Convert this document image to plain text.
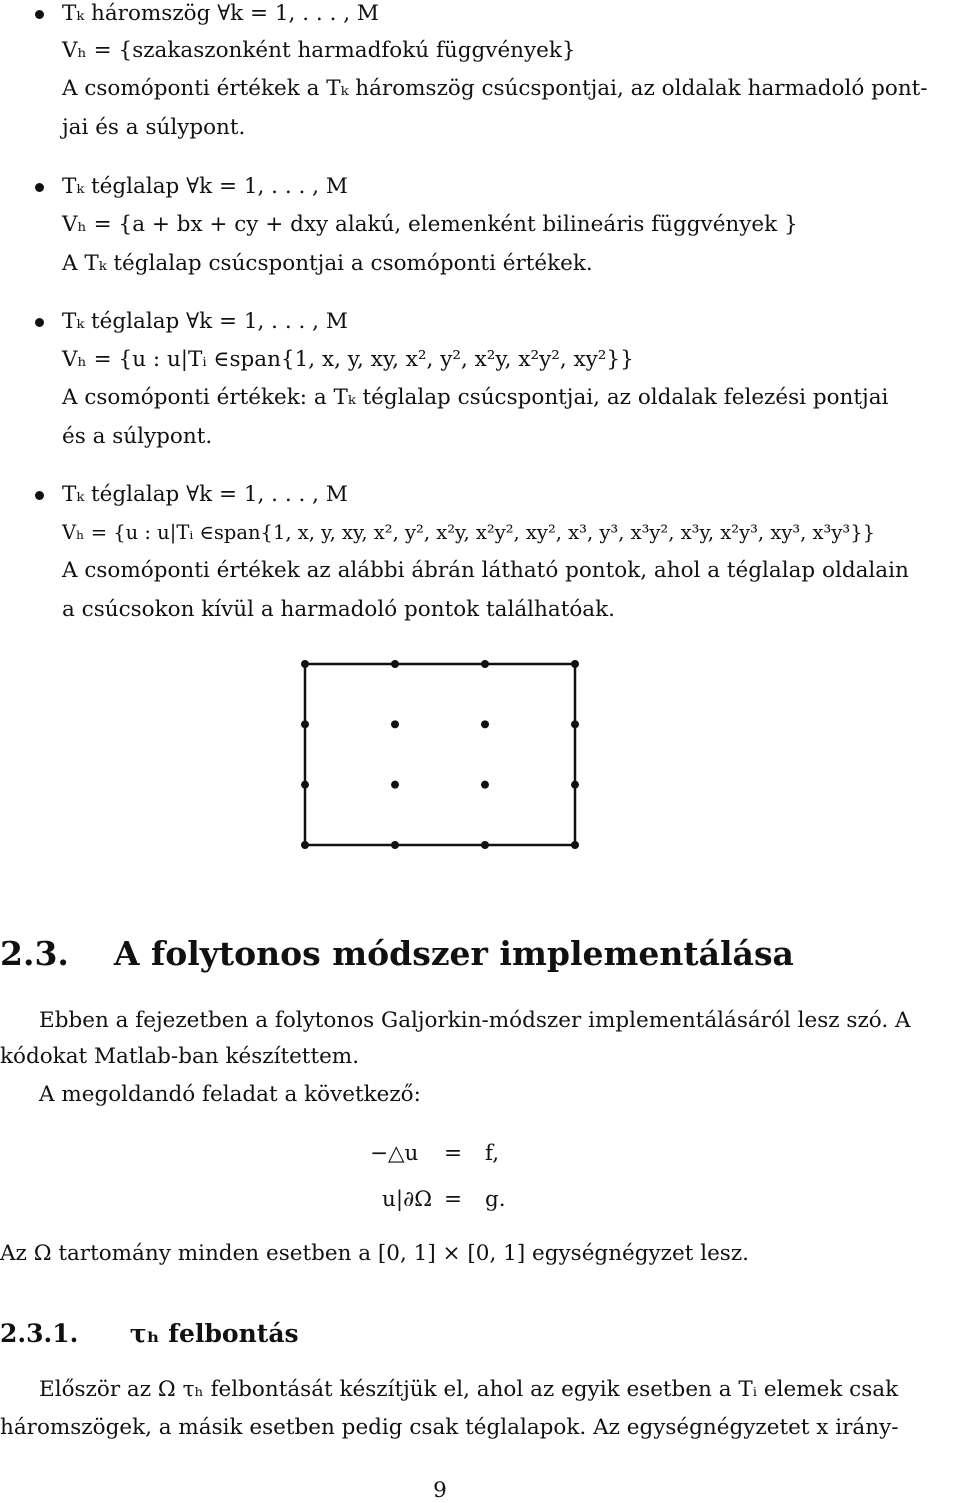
Tₖ háromszög ∀k = 1, . . . , M
Vₕ = {szakaszonként harmadfokú függvények}
A csomóponti értékek a Tₖ háromszög csúcspontjai, az oldalak harmadoló pont-
jai és a súlypont.
Tₖ téglalap ∀k = 1, . . . , M
Vₕ = {a + bx + cy + dxy alakú, elemenként bilineáris függvények }
A Tₖ téglalap csúcspontjai a csomóponti értékek.
Tₖ téglalap ∀k = 1, . . . , M
Vₕ = {u : u|Tᵢ ∈span{1, x, y, xy, x², y², x²y, x²y², xy²}}
A csomóponti értékek: a Tₖ téglalap csúcspontjai, az oldalak felezési pontjai
és a súlypont.
Tₖ téglalap ∀k = 1, . . . , M
Vₕ = {u : u|Tᵢ ∈span{1, x, y, xy, x², y², x²y, x²y², xy², x³, y³, x³y², x³y, x²y³, xy³, x³y³}}
A csomóponti értékek az alábbi ábrán látható pontok, ahol a téglalap oldalain
a csúcsokon kívül a harmadoló pontok találhatóak.
2.3. A folytonos módszer implementálása
Ebben a fejezetben a folytonos Galjorkin-módszer implementálásáról lesz szó. A
kódokat Matlab-ban készítettem.
A megoldandó feladat a következő:
−△u = f,
u|∂Ω = g.
Az Ω tartomány minden esetben a [0, 1] × [0, 1] egységnégyzet lesz.
2.3.1. τₕ felbontás
Először az Ω τₕ felbontását készítjük el, ahol az egyik esetben a Tᵢ elemek csak
háromszögek, a másik esetben pedig csak téglalapok. Az egységnégyzetet x irány-
9
